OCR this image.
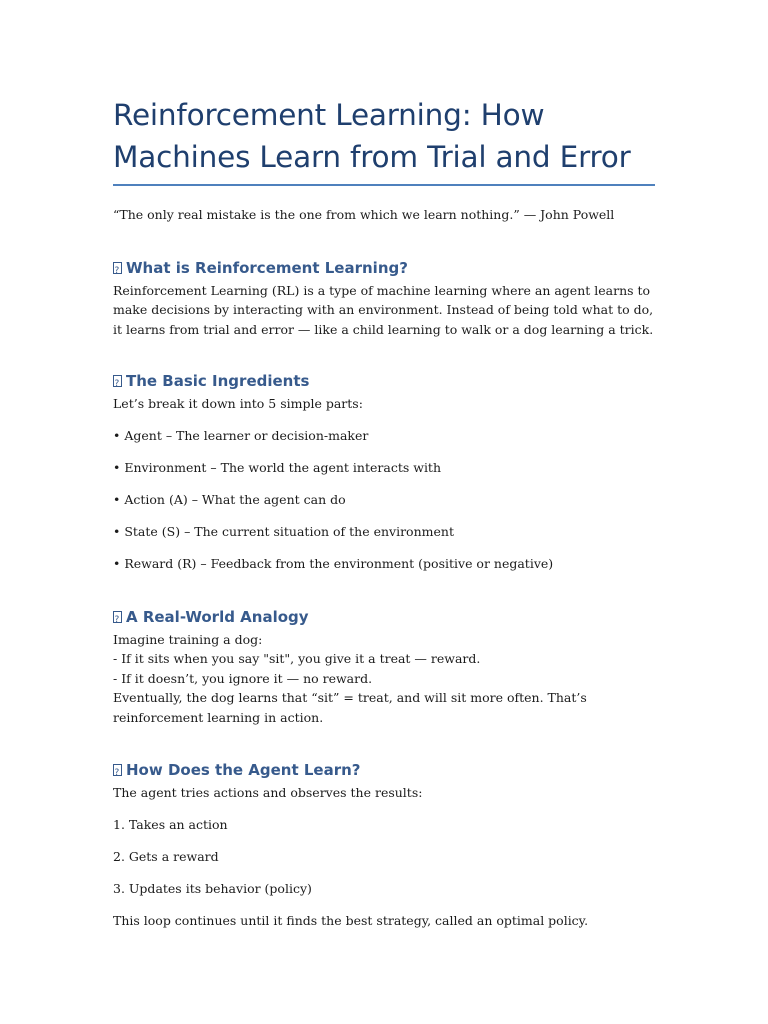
Reinforcement Learning: How Machines Learn from Trial and Error

“The only real mistake is the one from which we learn nothing.” — John Powell

?
What is Reinforcement Learning?

Reinforcement Learning (RL) is a type of machine learning where an agent learns to make decisions by interacting with an environment. Instead of being told what to do, it learns from trial and error — like a child learning to walk or a dog learning a trick.

?
The Basic Ingredients

Let’s break it down into 5 simple parts:

• Agent – The learner or decision-maker

• Environment – The world the agent interacts with

• Action (A) – What the agent can do

• State (S) – The current situation of the environment

• Reward (R) – Feedback from the environment (positive or negative)

?
A Real-World Analogy

Imagine training a dog:

- If it sits when you say "sit", you give it a treat — reward.

- If it doesn’t, you ignore it — no reward.

Eventually, the dog learns that “sit” = treat, and will sit more often. That’s reinforcement learning in action.

?
How Does the Agent Learn?

The agent tries actions and observes the results:

1. Takes an action

2. Gets a reward

3. Updates its behavior (policy)

This loop continues until it finds the best strategy, called an optimal policy.
